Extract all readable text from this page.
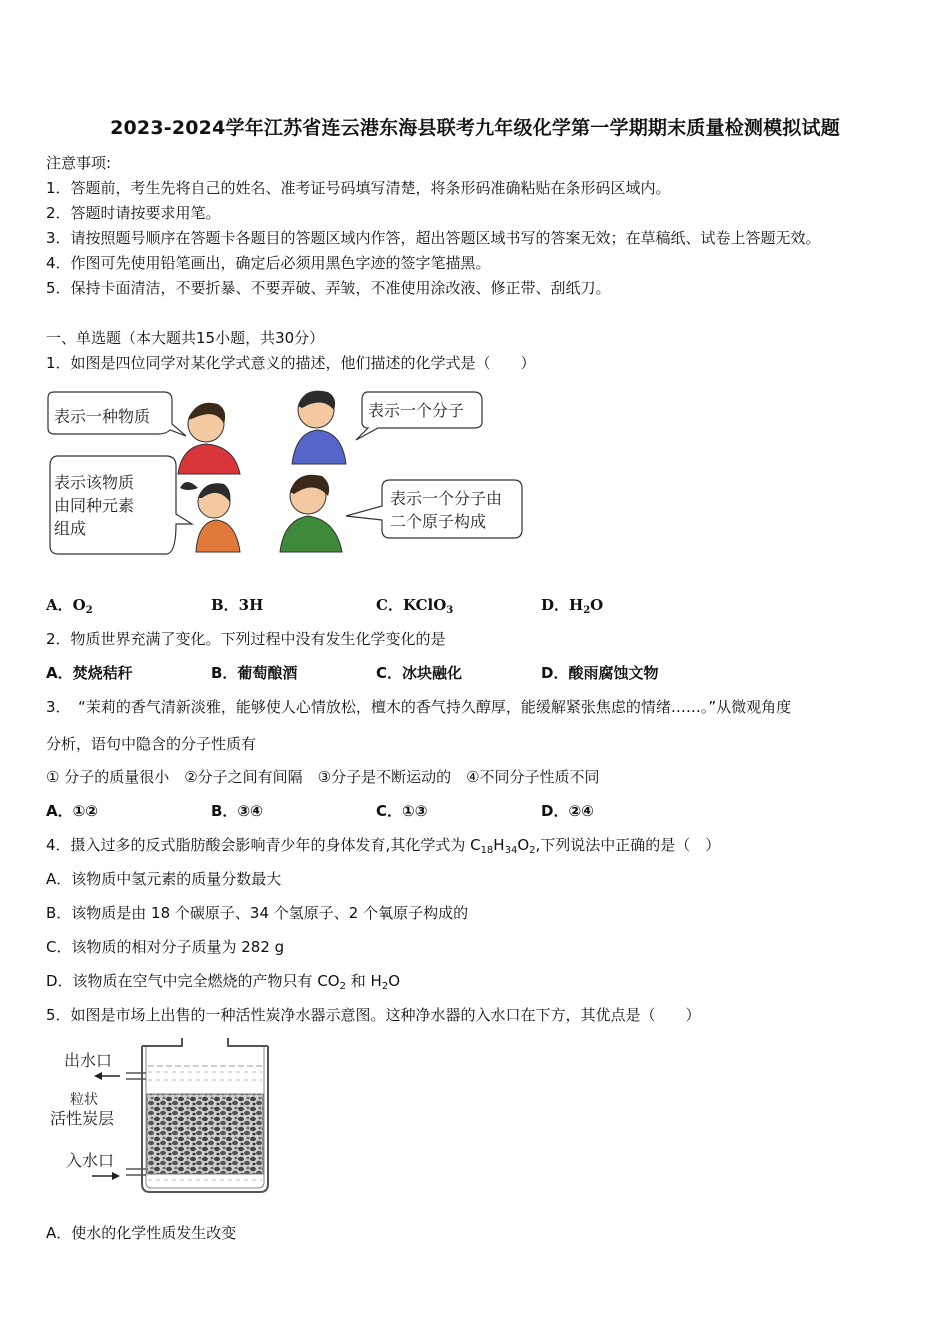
2023-2024学年江苏省连云港东海县联考九年级化学第一学期期末质量检测模拟试题
注意事项:
1．答题前，考生先将自己的姓名、准考证号码填写清楚，将条形码准确粘贴在条形码区域内。
2．答题时请按要求用笔。
3．请按照题号顺序在答题卡各题目的答题区域内作答，超出答题区域书写的答案无效；在草稿纸、试卷上答题无效。
4．作图可先使用铅笔画出，确定后必须用黑色字迹的签字笔描黑。
5．保持卡面清洁，不要折暴、不要弄破、弄皱，不准使用涂改液、修正带、刮纸刀。
一、单选题（本大题共15小题，共30分）
1．如图是四位同学对某化学式意义的描述，他们描述的化学式是（　　）
表示一种物质	表示一个分子
表示该物质
由同种元素
组成
表示一个分子由
二个原子构成
A．$O_2$	B．3H	C．KClO$_3$	D．$H_2O$
2．物质世界充满了变化。下列过程中没有发生化学变化的是
A．焚烧秸秆	B．葡萄酿酒	C．冰块融化	D．酸雨腐蚀文物
3．　“茉莉的香气清新淡雅，能够使人心情放松，檀木的香气持久醇厚，能缓解紧张焦虑的情绪……。”从微观角度
分析，语句中隐含的分子性质有
① 分子的质量很小　②分子之间有间隔　③分子是不断运动的　④不同分子性质不同
A．①②	B．③④	C．①③	D．②④
4．摄入过多的反式脂肪酸会影响青少年的身体发育,其化学式为 $C_{18}H_{34}O_2$,下列说法中正确的是（　）
A．该物质中氢元素的质量分数最大
B．该物质是由 18 个碳原子、34 个氢原子、2 个氧原子构成的
C．该物质的相对分子质量为 282 g
D．该物质在空气中完全燃烧的产物只有 $CO_2$ 和 $H_2O$
5．如图是市场上出售的一种活性炭净水器示意图。这种净水器的入水口在下方，其优点是（　　）
出水口
粒状
活性炭层
入水口
A．使水的化学性质发生改变
